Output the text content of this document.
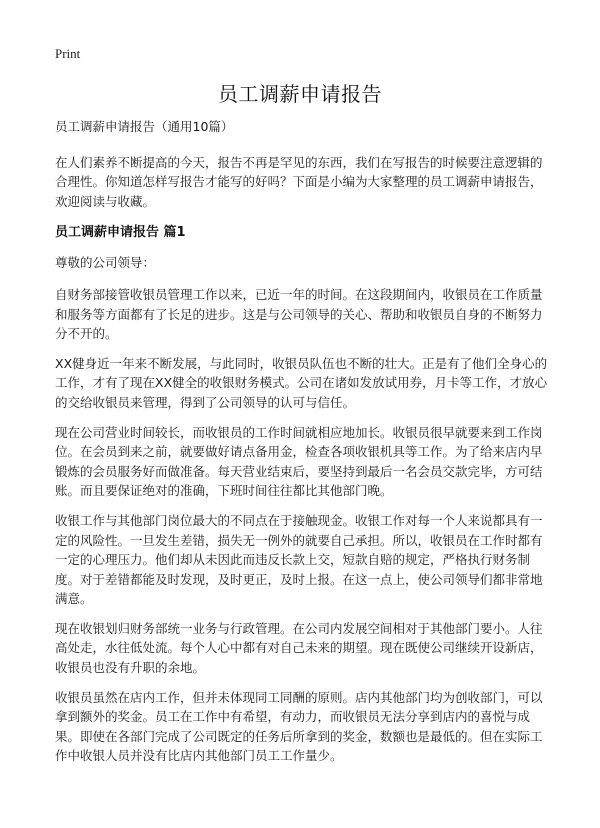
Print
员工调薪申请报告

员工调薪申请报告（通用10篇）

在人们素养不断提高的今天，报告不再是罕见的东西，我们在写报告的时候要注意逻辑的合理性。你知道怎样写报告才能写的好吗？下面是小编为大家整理的员工调薪申请报告，欢迎阅读与收藏。

员工调薪申请报告 篇1

尊敬的公司领导：

自财务部接管收银员管理工作以来，已近一年的时间。在这段期间内，收银员在工作质量和服务等方面都有了长足的进步。这是与公司领导的关心、帮助和收银员自身的不断努力分不开的。

XX健身近一年来不断发展，与此同时，收银员队伍也不断的壮大。正是有了他们全身心的工作，才有了现在XX健全的收银财务模式。公司在诸如发放试用券，月卡等工作，才放心的交给收银员来管理，得到了公司领导的认可与信任。

现在公司营业时间较长，而收银员的工作时间就相应地加长。收银员很早就要来到工作岗位。在会员到来之前，就要做好请点备用金，检查各项收银机具等工作。为了给来店内早锻炼的会员服务好而做准备。每天营业结束后，要坚持到最后一名会员交款完毕，方可结账。而且要保证绝对的准确，下班时间往往都比其他部门晚。

收银工作与其他部门岗位最大的不同点在于接触现金。收银工作对每一个人来说都具有一定的风险性。一旦发生差错，损失无一例外的就要自己承担。所以，收银员在工作时都有一定的心理压力。他们却从未因此而违反长款上交，短款自赔的规定，严格执行财务制度。对于差错都能及时发现，及时更正，及时上报。在这一点上，使公司领导们都非常地满意。

现在收银划归财务部统一业务与行政管理。在公司内发展空间相对于其他部门要小。人往高处走，水往低处流。每个人心中都有对自己未来的期望。现在既使公司继续开设新店，收银员也没有升职的余地。

收银员虽然在店内工作，但并未体现同工同酬的原则。店内其他部门均为创收部门，可以拿到额外的奖金。员工在工作中有希望，有动力，而收银员无法分享到店内的喜悦与成果。即使在各部门完成了公司既定的任务后所拿到的奖金，数额也是最低的。但在实际工作中收银人员并没有比店内其他部门员工工作量少。
